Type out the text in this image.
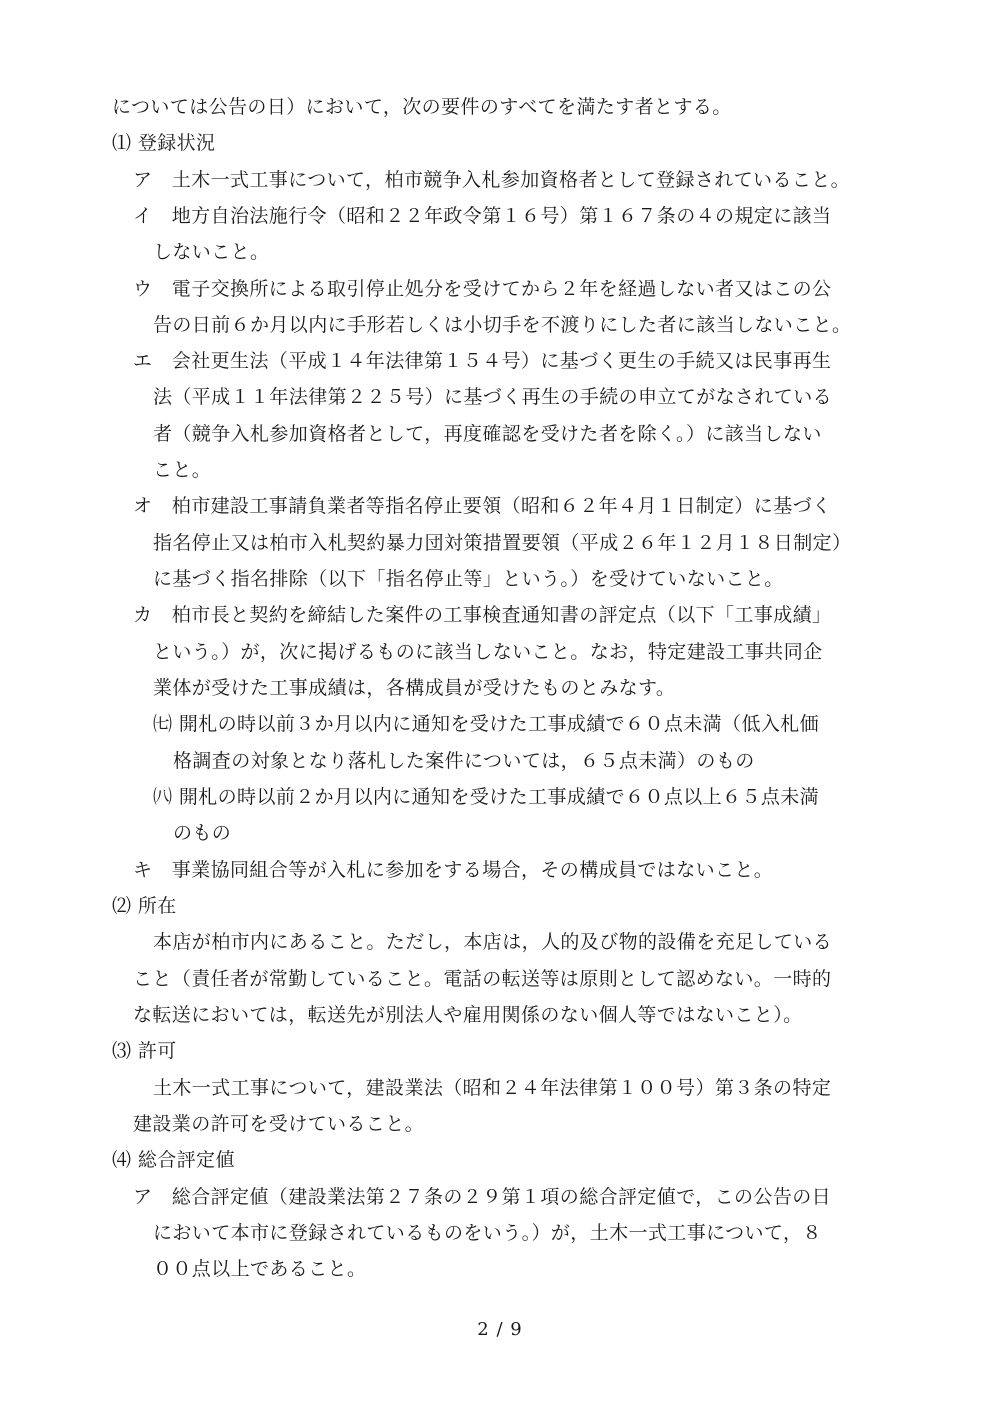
については公告の日）において，次の要件のすべてを満たす者とする。
⑴ 登録状況
ア　土木一式工事について，柏市競争入札参加資格者として登録されていること。
イ　地方自治法施行令（昭和２２年政令第１６号）第１６７条の４の規定に該当
しないこと。
ウ　電子交換所による取引停止処分を受けてから２年を経過しない者又はこの公
告の日前６か月以内に手形若しくは小切手を不渡りにした者に該当しないこと。
エ　会社更生法（平成１４年法律第１５４号）に基づく更生の手続又は民事再生
法（平成１１年法律第２２５号）に基づく再生の手続の申立てがなされている
者（競争入札参加資格者として，再度確認を受けた者を除く。）に該当しない
こと。
オ　柏市建設工事請負業者等指名停止要領（昭和６２年４月１日制定）に基づく
指名停止又は柏市入札契約暴力団対策措置要領（平成２６年１２月１８日制定）
に基づく指名排除（以下「指名停止等」という。）を受けていないこと。
カ　柏市長と契約を締結した案件の工事検査通知書の評定点（以下「工事成績」
という。）が，次に掲げるものに該当しないこと。なお，特定建設工事共同企
業体が受けた工事成績は，各構成員が受けたものとみなす。
㈦ 開札の時以前３か月以内に通知を受けた工事成績で６０点未満（低入札価
格調査の対象となり落札した案件については，６５点未満）のもの
㈧ 開札の時以前２か月以内に通知を受けた工事成績で６０点以上６５点未満
のもの
キ　事業協同組合等が入札に参加をする場合，その構成員ではないこと。
⑵ 所在
本店が柏市内にあること。ただし，本店は，人的及び物的設備を充足している
こと（責任者が常勤していること。電話の転送等は原則として認めない。一時的
な転送においては，転送先が別法人や雇用関係のない個人等ではないこと）。
⑶ 許可
土木一式工事について，建設業法（昭和２４年法律第１００号）第３条の特定
建設業の許可を受けていること。
⑷ 総合評定値
ア　総合評定値（建設業法第２７条の２９第１項の総合評定値で，この公告の日
において本市に登録されているものをいう。）が，土木一式工事について，８
００点以上であること。
2 / 9
